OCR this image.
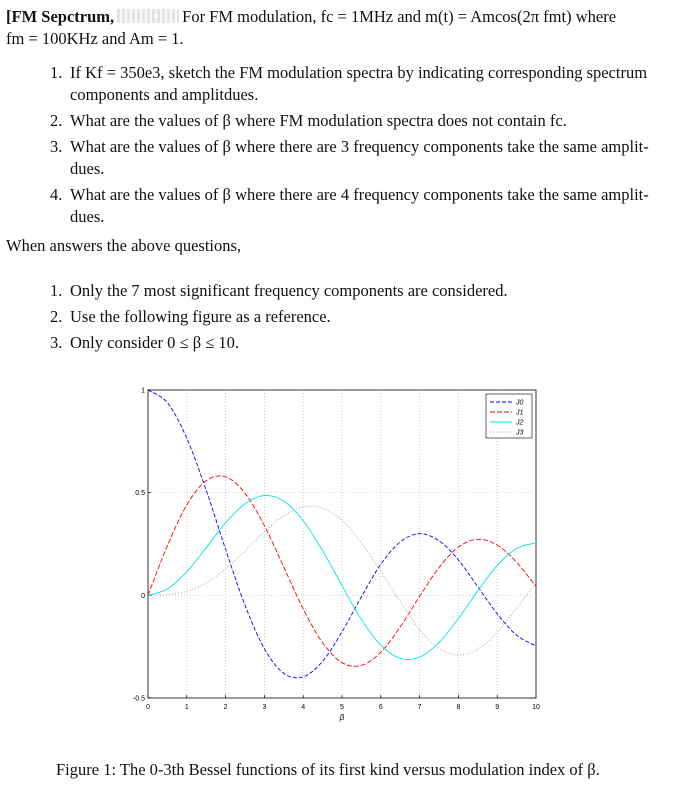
[FM Sepctrum,	For FM modulation, fc = 1MHz and m(t) = Amcos(2π fmt) where
fm = 100KHz and Am = 1.
1. If Kf = 350e3, sketch the FM modulation spectra by indicating corresponding spectrum components and amplitdues.
2. What are the values of β where FM modulation spectra does not contain fc.
3. What are the values of β where there are 3 frequency components take the same amplit- dues.
4. What are the values of β where there are 4 frequency components take the same amplit- dues.
When answers the above questions,
1. Only the 7 most significant frequency components are considered.
2. Use the following figure as a reference.
3. Only consider 0 ≤ β ≤ 10.
0	1	2	3	4	5	6	7	8	9	10
-0.5
0
0.5
1
β
J0
J1
J2
J3
Figure 1: The 0-3th Bessel functions of its first kind versus modulation index of β.
